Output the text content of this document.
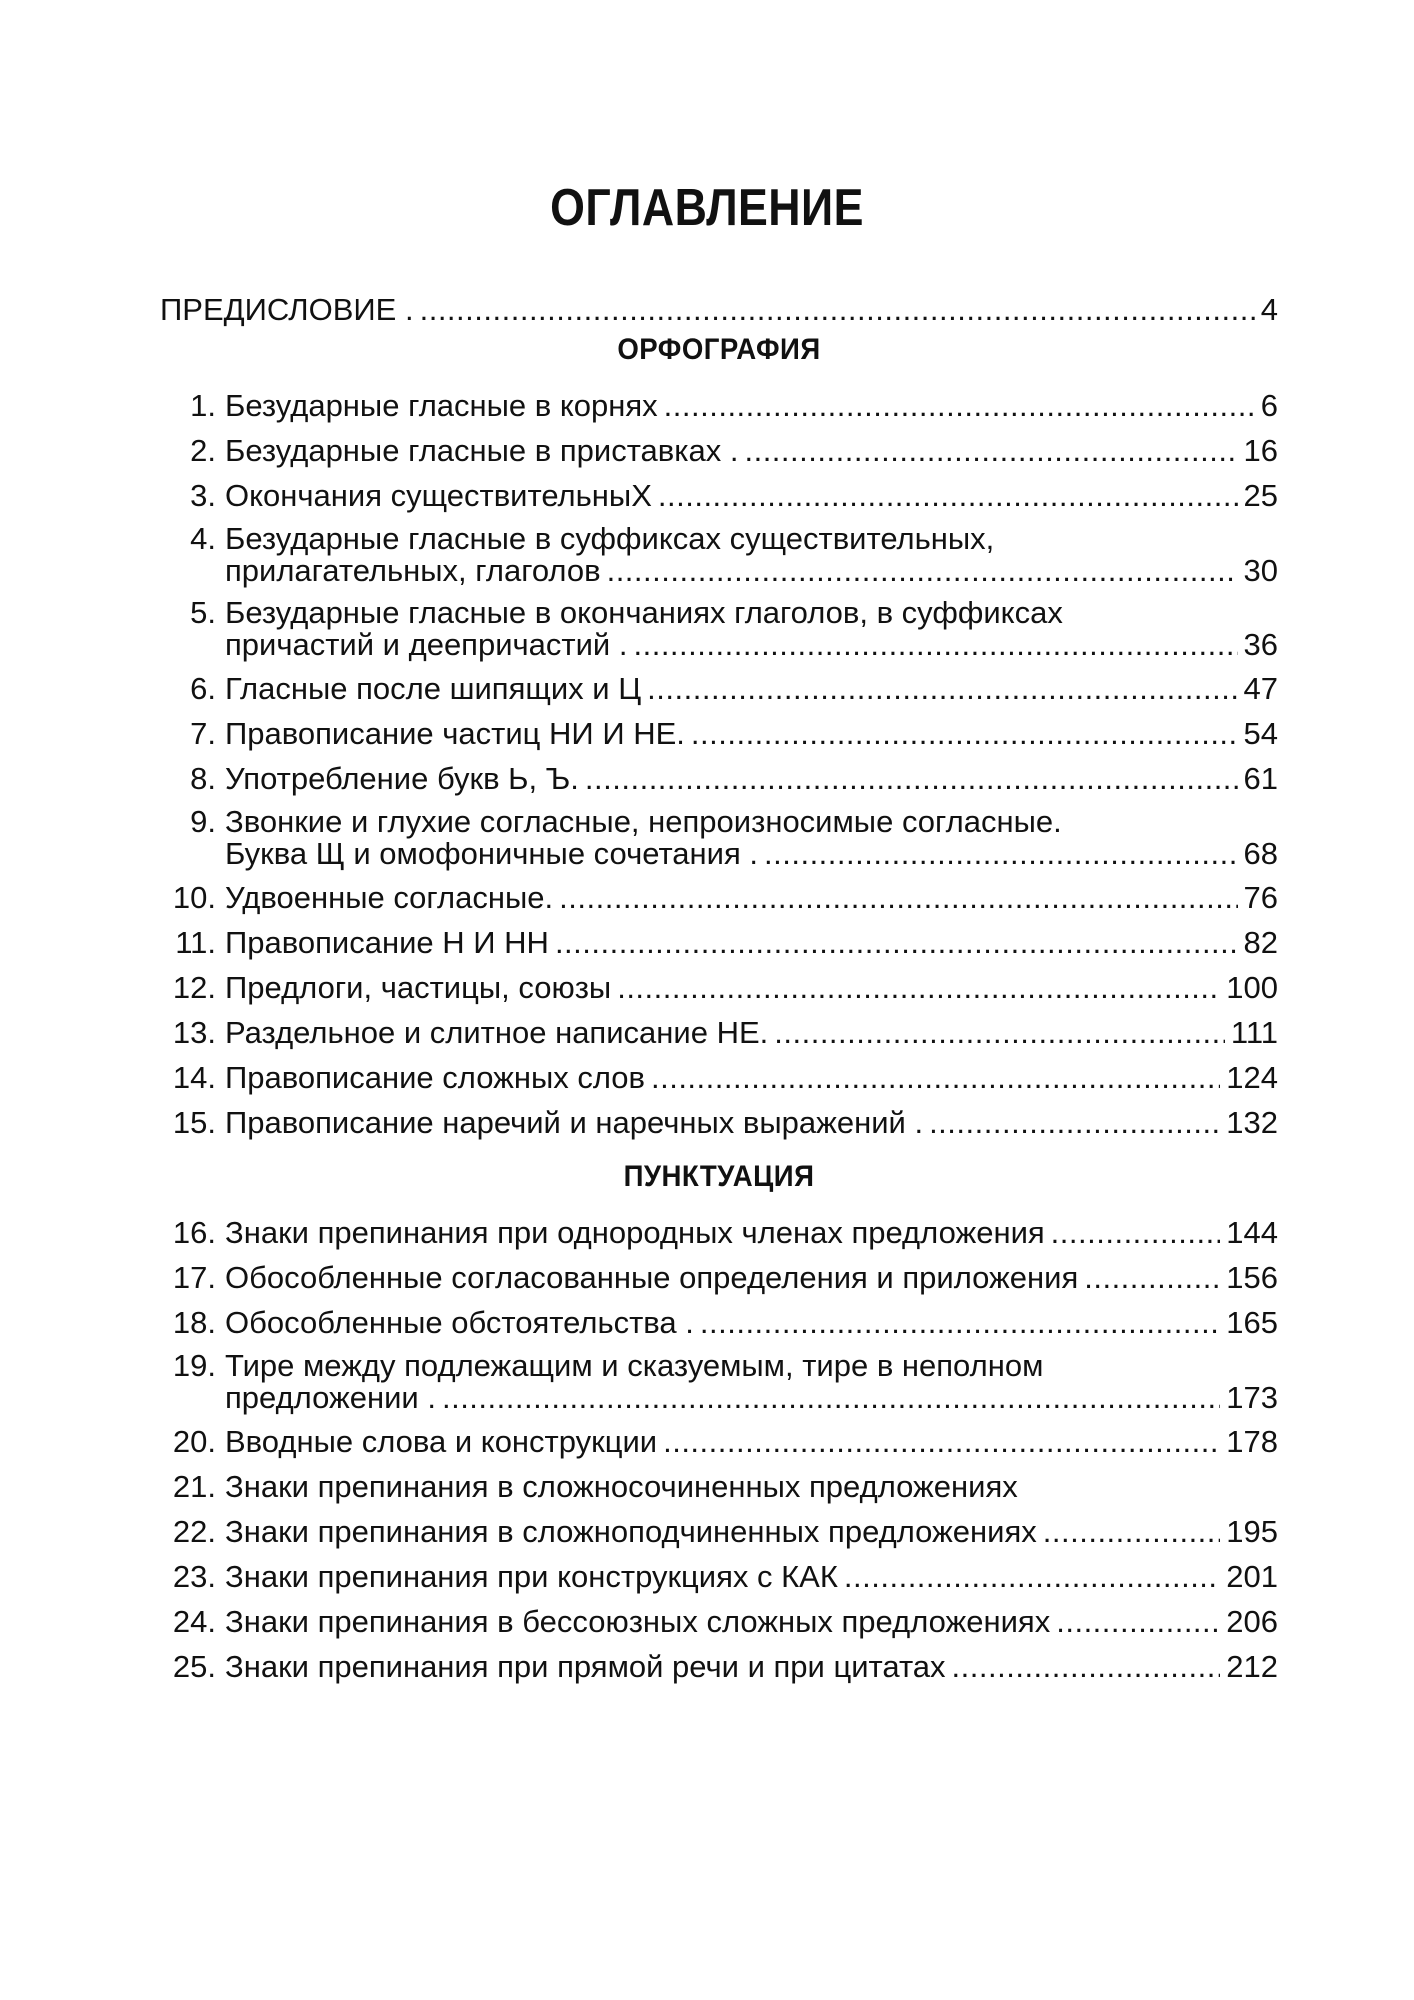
ОГЛАВЛЕНИЕ
ПРЕДИСЛОВИЕ . .....	4
ОРФОГРАФИЯ
1. Безударные гласные в корнях .....	6
2. Безударные гласные в приставках . .....	16
3. Окончания существительныХ .....	25
4. Безударные гласные в суффиксах существительных,
прилагательных, глаголов .....	30
5. Безударные гласные в окончаниях глаголов, в суффиксах
причастий и деепричастий . .....	36
6. Гласные после шипящих и Ц .....	47
7. Правописание частиц НИ И НЕ. .....	54
8. Употребление букв Ь, Ъ. .....	61
9. Звонкие и глухие согласные, непроизносимые согласные.
Буква Щ и омофоничные сочетания . .....	68
10. Удвоенные согласные. .....	76
11. Правописание Н И НН .....	82
12. Предлоги, частицы, союзы .....	100
13. Раздельное и слитное написание НЕ. .....	111
14. Правописание сложных слов .....	124
15. Правописание наречий и наречных выражений . .....	132
ПУНКТУАЦИЯ
16. Знаки препинания при однородных членах предложения .....	144
17. Обособленные согласованные определения и приложения .....	156
18. Обособленные обстоятельства . .....	165
19. Тире между подлежащим и сказуемым, тире в неполном
предложении . .....	173
20. Вводные слова и конструкции .....	178
21. Знаки препинания в сложносочиненных предложениях
22. Знаки препинания в сложноподчиненных предложениях .....	195
23. Знаки препинания при конструкциях с КАК .....	201
24. Знаки препинания в бессоюзных сложных предложениях .....	206
25. Знаки препинания при прямой речи и при цитатах .....	212
